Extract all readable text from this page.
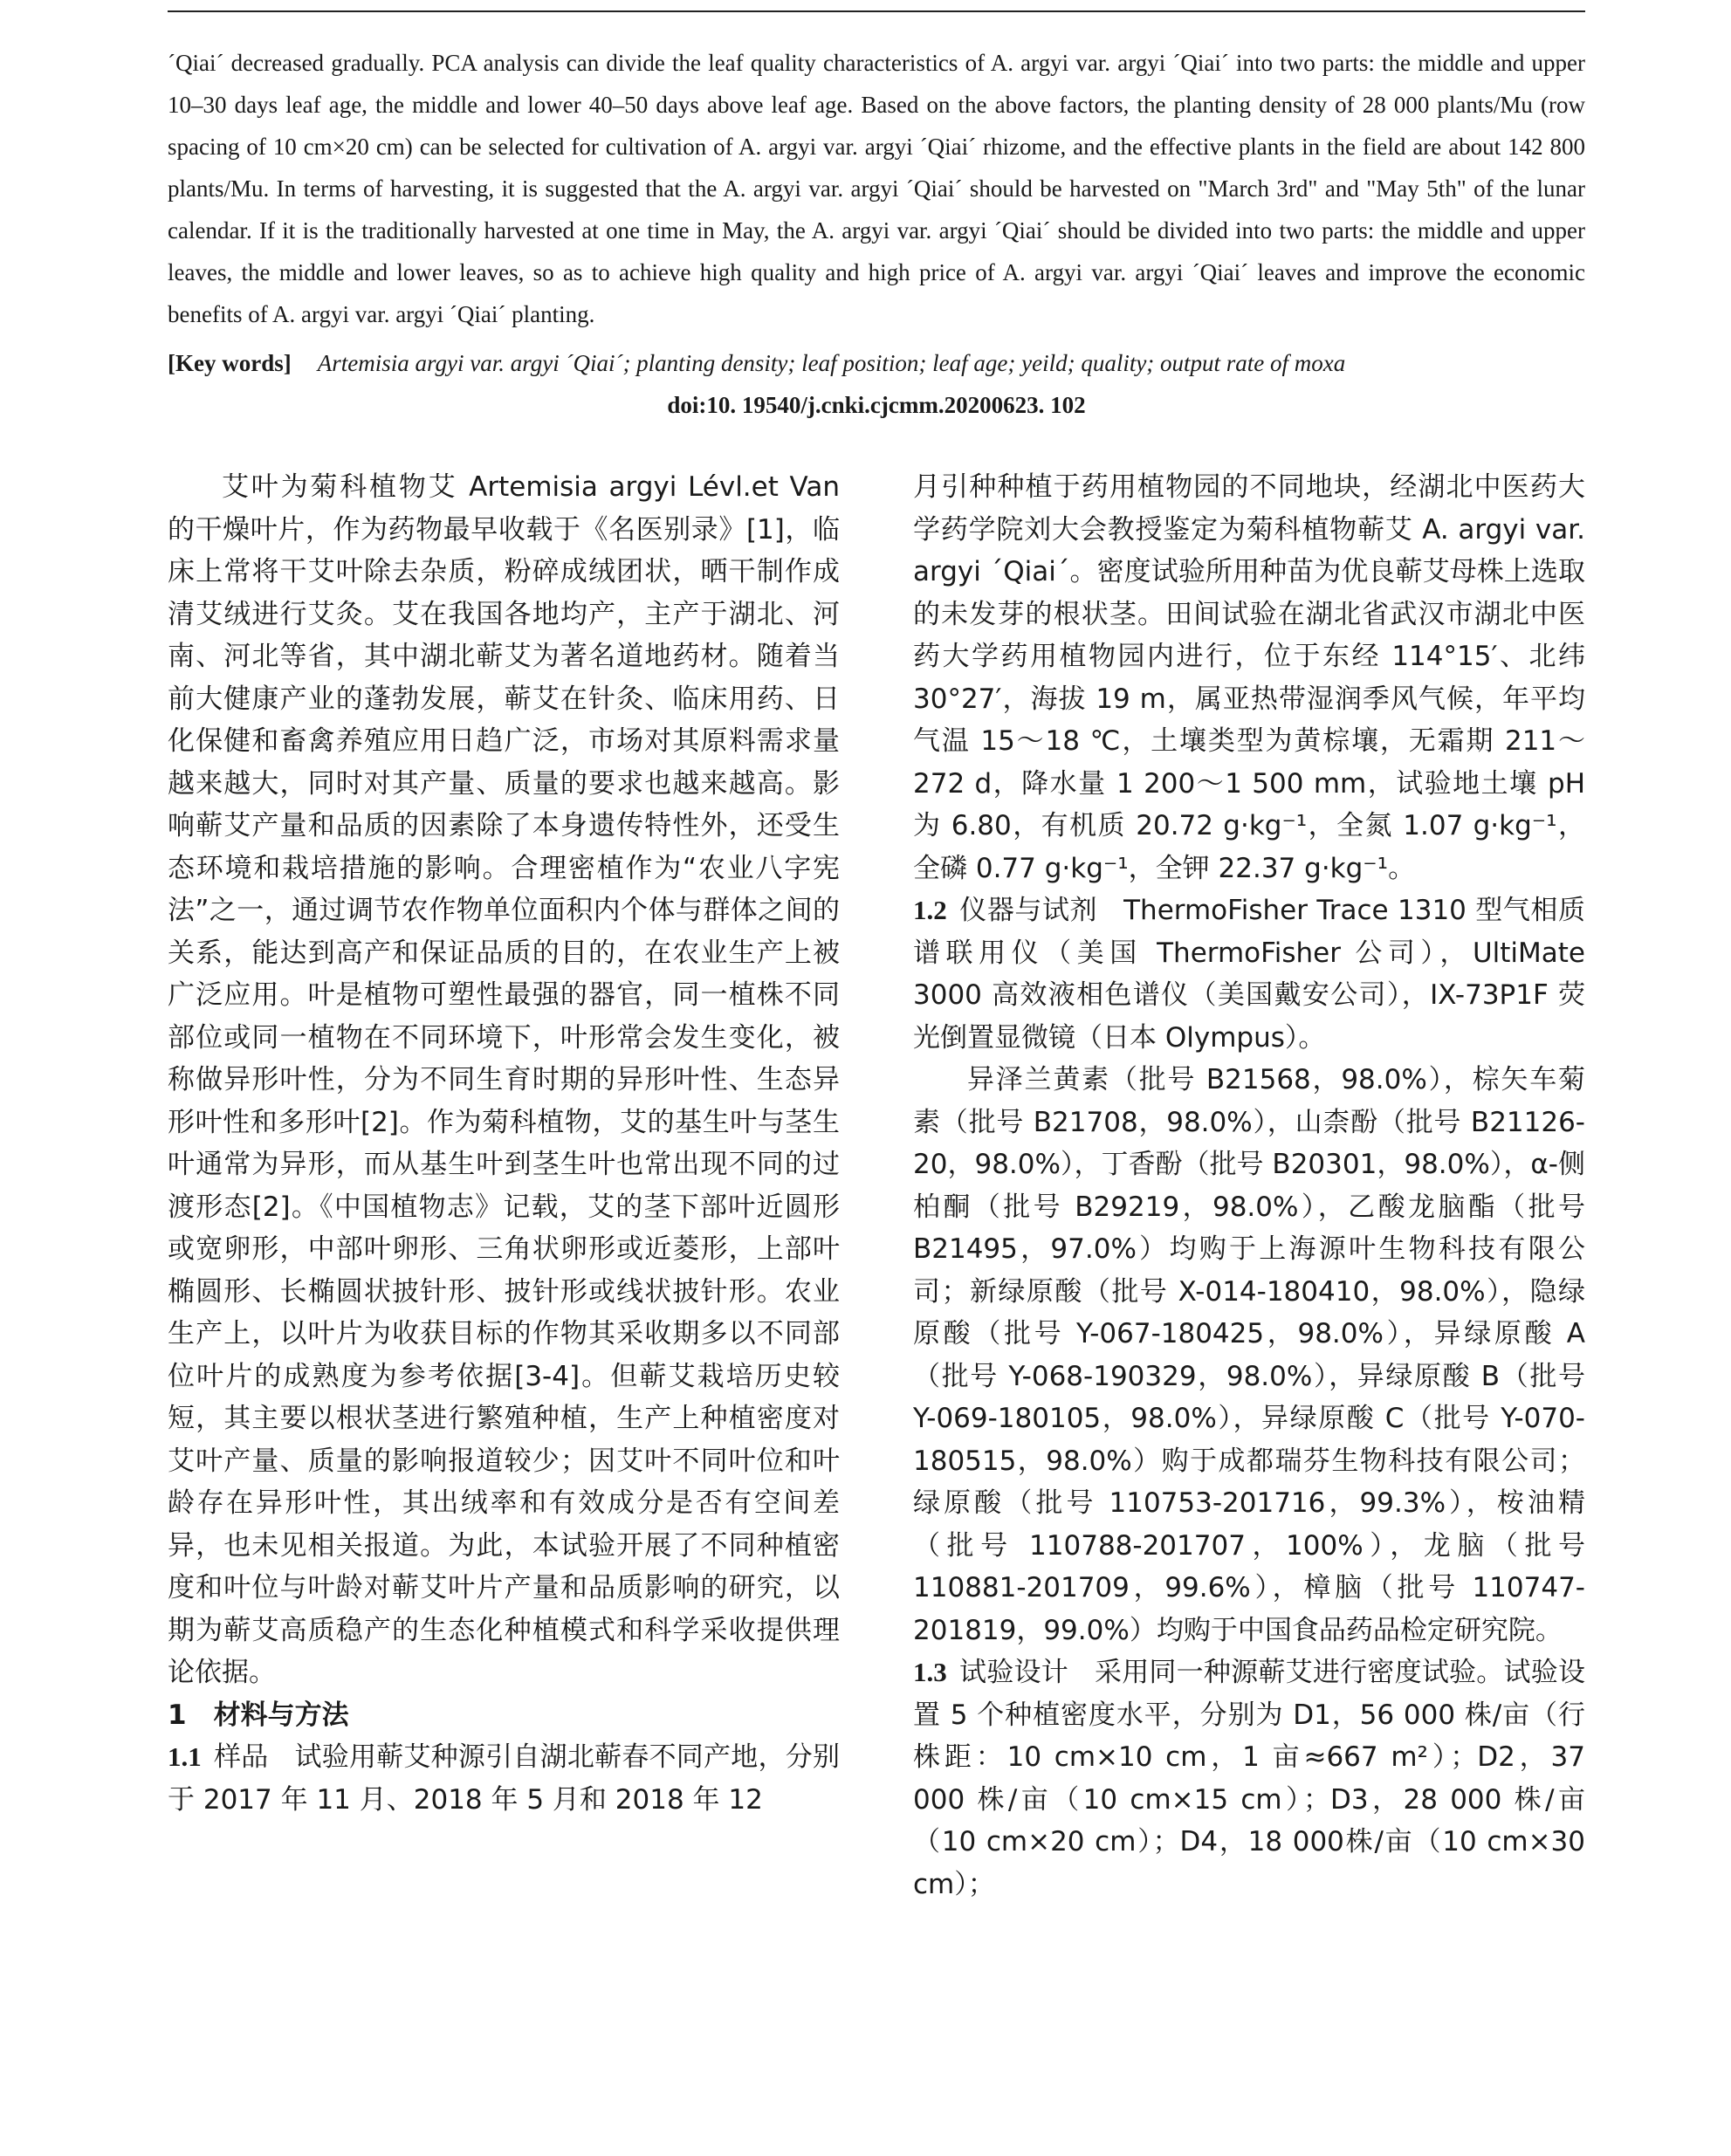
´Qiai´ decreased gradually. PCA analysis can divide the leaf quality characteristics of A. argyi var. argyi ´Qiai´ into two parts: the middle and upper 10–30 days leaf age, the middle and lower 40–50 days above leaf age. Based on the above factors, the planting density of 28 000 plants/Mu (row spacing of 10 cm×20 cm) can be selected for cultivation of A. argyi var. argyi ´Qiai´ rhizome, and the effective plants in the field are about 142 800 plants/Mu. In terms of harvesting, it is suggested that the A. argyi var. argyi ´Qiai´ should be harvested on "March 3rd" and "May 5th" of the lunar calendar. If it is the traditionally harvested at one time in May, the A. argyi var. argyi ´Qiai´ should be divided into two parts: the middle and upper leaves, the middle and lower leaves, so as to achieve high quality and high price of A. argyi var. argyi ´Qiai´ leaves and improve the economic benefits of A. argyi var. argyi ´Qiai´ planting.

[Key words] Artemisia argyi var. argyi ´Qiai´; planting density; leaf position; leaf age; yeild; quality; output rate of moxa

doi:10. 19540/j.cnki.cjcmm.20200623. 102

艾叶为菊科植物艾 Artemisia argyi Lévl.et Van 的干燥叶片，作为药物最早收载于《名医别录》[1]，临床上常将干艾叶除去杂质，粉碎成绒团状，晒干制作成清艾绒进行艾灸。艾在我国各地均产，主产于湖北、河南、河北等省，其中湖北蕲艾为著名道地药材。随着当前大健康产业的蓬勃发展，蕲艾在针灸、临床用药、日化保健和畜禽养殖应用日趋广泛，市场对其原料需求量越来越大，同时对其产量、质量的要求也越来越高。影响蕲艾产量和品质的因素除了本身遗传特性外，还受生态环境和栽培措施的影响。合理密植作为“农业八字宪法”之一，通过调节农作物单位面积内个体与群体之间的关系，能达到高产和保证品质的目的，在农业生产上被广泛应用。叶是植物可塑性最强的器官，同一植株不同部位或同一植物在不同环境下，叶形常会发生变化，被称做异形叶性，分为不同生育时期的异形叶性、生态异形叶性和多形叶[2]。作为菊科植物，艾的基生叶与茎生叶通常为异形，而从基生叶到茎生叶也常出现不同的过渡形态[2]。《中国植物志》记载，艾的茎下部叶近圆形或宽卵形，中部叶卵形、三角状卵形或近菱形，上部叶椭圆形、长椭圆状披针形、披针形或线状披针形。农业生产上，以叶片为收获目标的作物其采收期多以不同部位叶片的成熟度为参考依据[3-4]。但蕲艾栽培历史较短，其主要以根状茎进行繁殖种植，生产上种植密度对艾叶产量、质量的影响报道较少；因艾叶不同叶位和叶龄存在异形叶性，其出绒率和有效成分是否有空间差异，也未见相关报道。为此，本试验开展了不同种植密度和叶位与叶龄对蕲艾叶片产量和品质影响的研究，以期为蕲艾高质稳产的生态化种植模式和科学采收提供理论依据。

1　材料与方法

1.1 样品 试验用蕲艾种源引自湖北蕲春不同产地，分别于 2017 年 11 月、2018 年 5 月和 2018 年 12

月引种种植于药用植物园的不同地块，经湖北中医药大学药学院刘大会教授鉴定为菊科植物蕲艾 A. argyi var. argyi ´Qiai´。密度试验所用种苗为优良蕲艾母株上选取的未发芽的根状茎。田间试验在湖北省武汉市湖北中医药大学药用植物园内进行，位于东经 114°15′、北纬 30°27′，海拔 19 m，属亚热带湿润季风气候，年平均气温 15～18 ℃，土壤类型为黄棕壤，无霜期 211～272 d，降水量 1 200～1 500 mm，试验地土壤 pH 为 6.80，有机质 20.72 g·kg⁻¹，全氮 1.07 g·kg⁻¹，全磷 0.77 g·kg⁻¹，全钾 22.37 g·kg⁻¹。

1.2 仪器与试剂 ThermoFisher Trace 1310 型气相质谱联用仪（美国 ThermoFisher 公司），UltiMate 3000 高效液相色谱仪（美国戴安公司），IX-73P1F 荧光倒置显微镜（日本 Olympus）。

异泽兰黄素（批号 B21568，98.0%），棕矢车菊素（批号 B21708，98.0%），山柰酚（批号 B21126-20，98.0%），丁香酚（批号 B20301，98.0%），α-侧柏酮（批号 B29219，98.0%），乙酸龙脑酯（批号 B21495，97.0%）均购于上海源叶生物科技有限公司；新绿原酸（批号 X-014-180410，98.0%），隐绿原酸（批号 Y-067-180425，98.0%），异绿原酸 A（批号 Y-068-190329，98.0%），异绿原酸 B（批号 Y-069-180105，98.0%），异绿原酸 C（批号 Y-070-180515，98.0%）购于成都瑞芬生物科技有限公司；绿原酸（批号 110753-201716，99.3%），桉油精（批号 110788-201707，100%），龙脑（批号 110881-201709，99.6%），樟脑（批号 110747-201819，99.0%）均购于中国食品药品检定研究院。

1.3 试验设计 采用同一种源蕲艾进行密度试验。试验设置 5 个种植密度水平，分别为 D1，56 000 株/亩（行株距：10 cm×10 cm，1 亩≈667 m²）；D2，37 000 株/亩（10 cm×15 cm）；D3，28 000 株/亩（10 cm×20 cm）；D4，18 000株/亩（10 cm×30 cm）；
